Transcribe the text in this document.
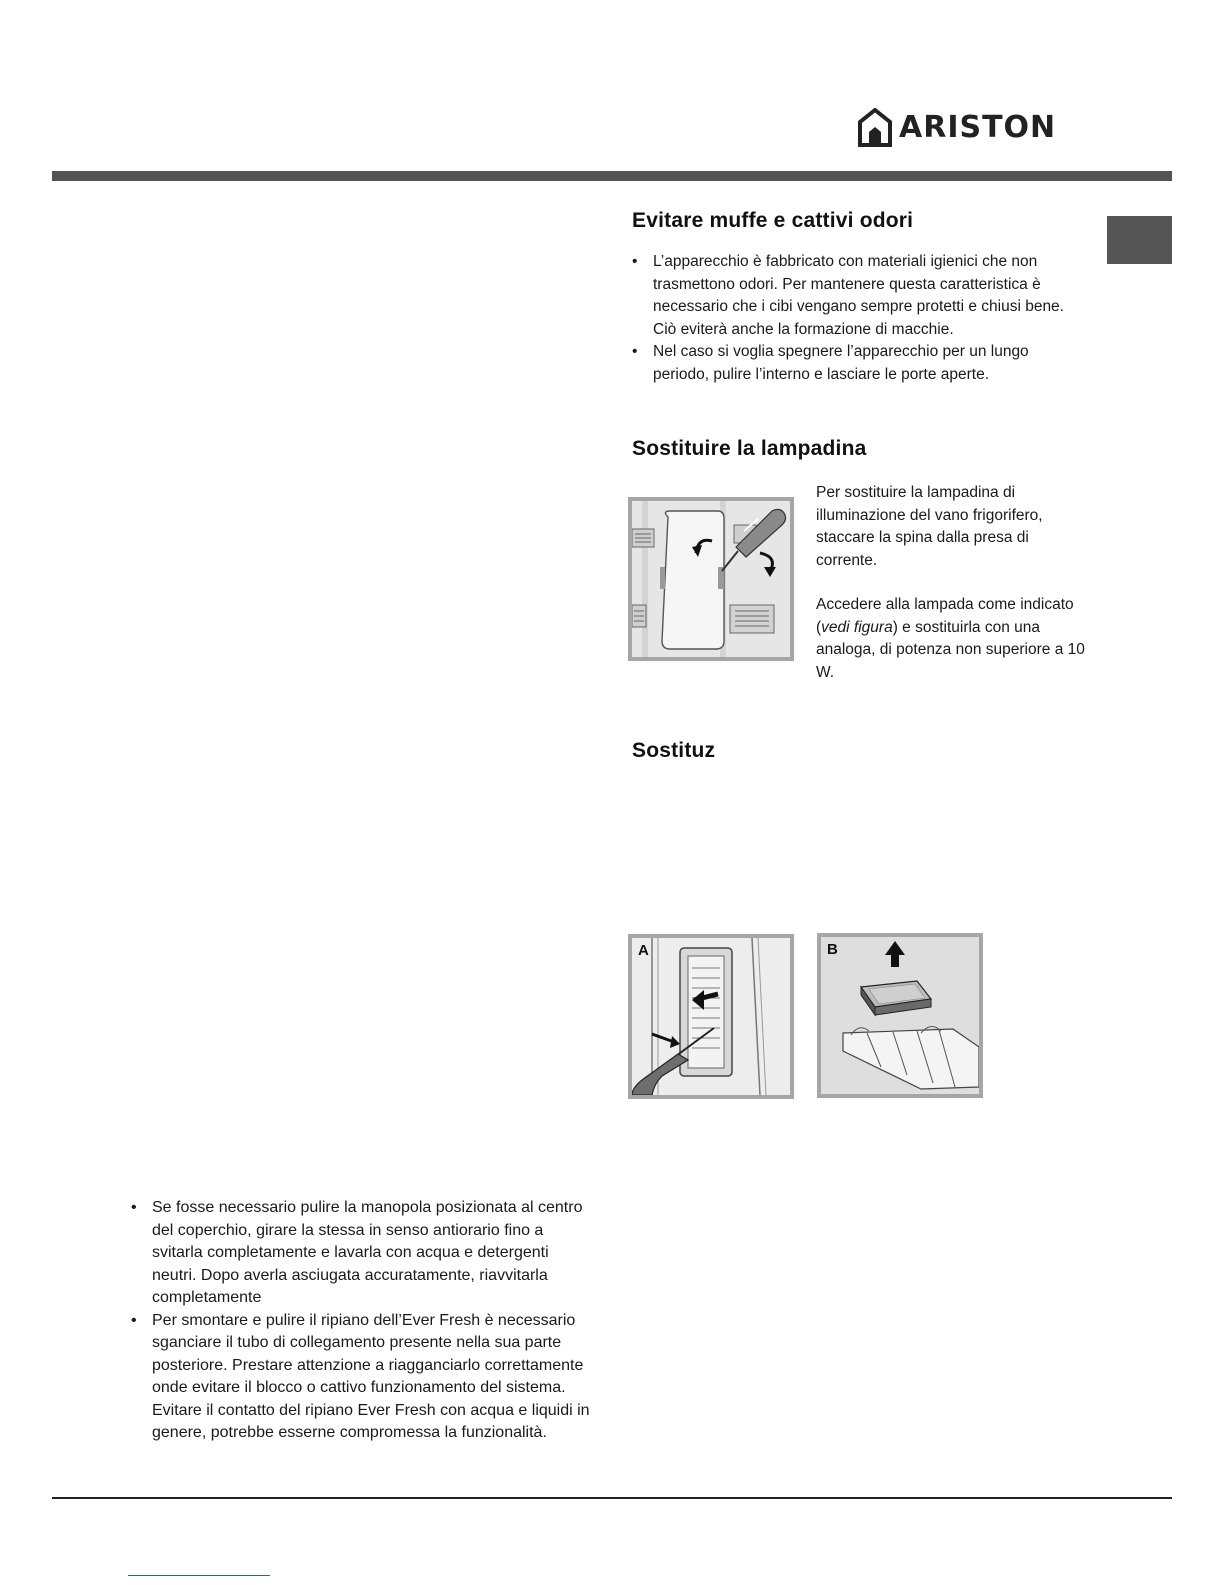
ARISTON
Evitare muffe e cattivi odori
• L’apparecchio è fabbricato con materiali igienici che non trasmettono odori. Per mantenere questa caratteristica è necessario che i cibi vengano sempre protetti e chiusi bene. Ciò eviterà anche la formazione di macchie.
• Nel caso si voglia spegnere l’apparecchio per un lungo periodo, pulire l’interno e lasciare le porte aperte.
Sostituire la lampadina

Per sostituire la lampadina di illuminazione del vano frigorifero, staccare la spina dalla presa di corrente.

Accedere alla lampada come indicato (vedi figura) e sostituirla con una analoga, di potenza non superiore a 10 W.

Sostituz
A	B
• Se fosse necessario pulire la manopola posizionata al centro del coperchio, girare la stessa in senso antiorario fino a svitarla completamente e lavarla con acqua e detergenti neutri. Dopo averla asciugata accuratamente, riavvitarla completamente
• Per smontare e pulire il ripiano dell’Ever Fresh è necessario sganciare il tubo di collegamento presente nella sua parte posteriore. Prestare attenzione a riagganciarlo correttamente onde evitare il blocco o cattivo funzionamento del sistema. Evitare il contatto del ripiano Ever Fresh con acqua e liquidi in genere, potrebbe esserne compromessa la funzionalità.
